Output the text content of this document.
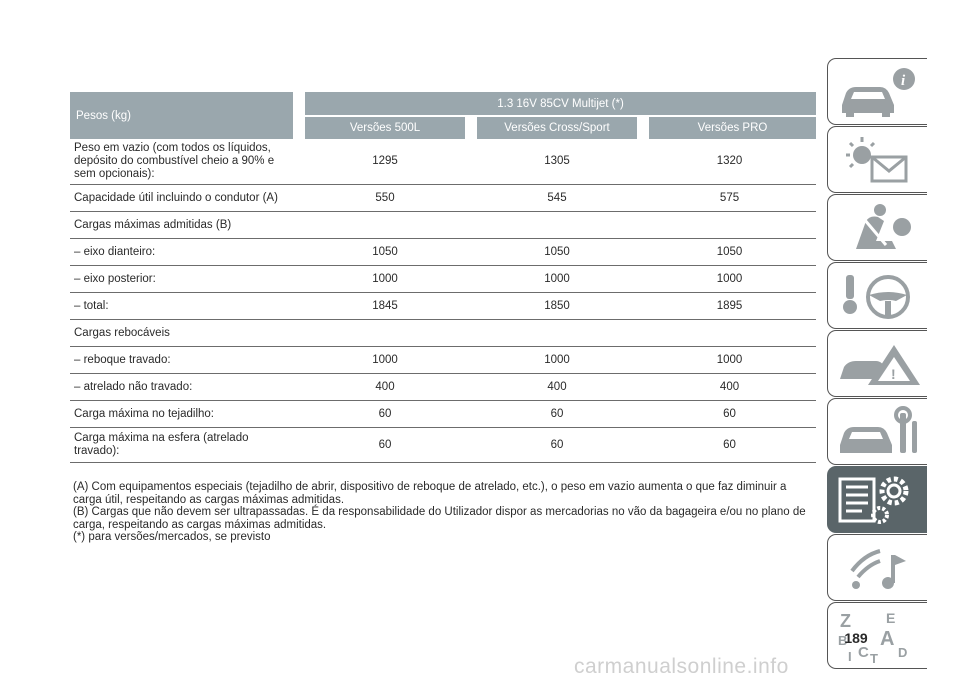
Pesos (kg)	1.3 16V 85CV Multijet (*)		
	Versões 500L	Versões Cross/Sport	Versões PRO
Peso em vazio (com todos os líquidos, depósito do combustível cheio a 90% e sem opcionais):	1295	1305	1320
Capacidade útil incluindo o condutor (A)	550	545	575
Cargas máximas admitidas (B)			
– eixo dianteiro:	1050	1050	1050
– eixo posterior:	1000	1000	1000
– total:	1845	1850	1895
Cargas rebocáveis			
– reboque travado:	1000	1000	1000
– atrelado não travado:	400	400	400
Carga máxima no tejadilho:	60	60	60
Carga máxima na esfera (atrelado travado):	60	60	60
(A) Com equipamentos especiais (tejadilho de abrir, dispositivo de reboque de atrelado, etc.), o peso em vazio aumenta o que faz diminuir a carga útil, respeitando as cargas máximas admitidas.
(B) Cargas que não devem ser ultrapassadas. É da responsabilidade do Utilizador dispor as mercadorias no vão da bagageira e/ou no plano de carga, respeitando as cargas máximas admitidas.
(*) para versões/mercados, se previsto
i
!
Z	E
B A
I C T D
189
carmanualsonline.info
